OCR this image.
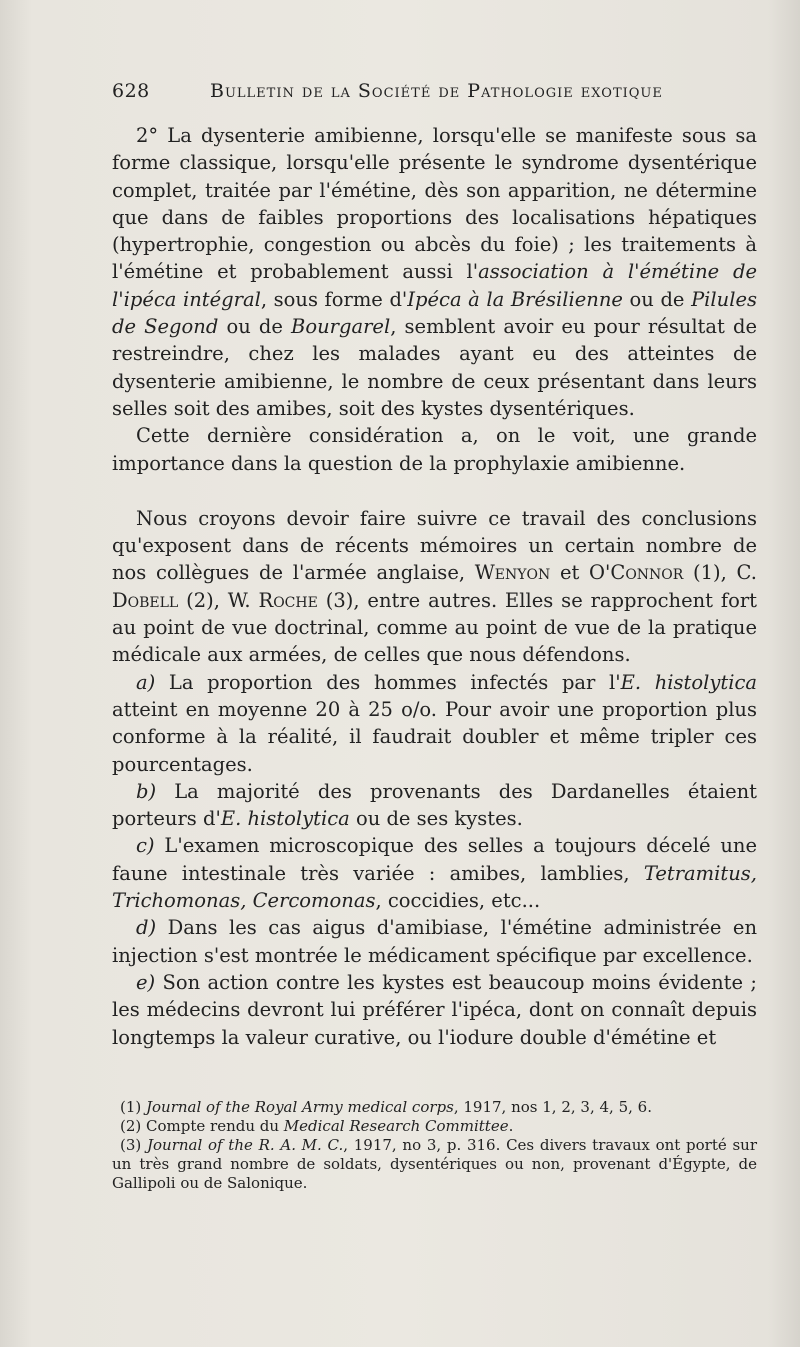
628	Bulletin de la Société de Pathologie exotique

2° La dysenterie amibienne, lorsqu'elle se manifeste sous sa forme classique, lorsqu'elle présente le syndrome dysentérique complet, traitée par l'émétine, dès son apparition, ne détermine que dans de faibles proportions des localisations hépatiques (hypertrophie, congestion ou abcès du foie) ; les traitements à l'émétine et probablement aussi l'association à l'émétine de l'ipéca intégral, sous forme d'Ipéca à la Brésilienne ou de Pilules de Segond ou de Bourgarel, semblent avoir eu pour résultat de restreindre, chez les malades ayant eu des atteintes de dysenterie amibienne, le nombre de ceux présentant dans leurs selles soit des amibes, soit des kystes dysentériques.

Cette dernière considération a, on le voit, une grande importance dans la question de la prophylaxie amibienne.

Nous croyons devoir faire suivre ce travail des conclusions qu'exposent dans de récents mémoires un certain nombre de nos collègues de l'armée anglaise, Wenyon et O'Connor (1), C. Dobell (2), W. Roche (3), entre autres. Elles se rapprochent fort au point de vue doctrinal, comme au point de vue de la pratique médicale aux armées, de celles que nous défendons.

a) La proportion des hommes infectés par l'E. histolytica atteint en moyenne 20 à 25 o/o. Pour avoir une proportion plus conforme à la réalité, il faudrait doubler et même tripler ces pourcentages.

b) La majorité des provenants des Dardanelles étaient porteurs d'E. histolytica ou de ses kystes.

c) L'examen microscopique des selles a toujours décelé une faune intestinale très variée : amibes, lamblies, Tetramitus, Trichomonas, Cercomonas, coccidies, etc...

d) Dans les cas aigus d'amibiase, l'émétine administrée en injection s'est montrée le médicament spécifique par excellence.

e) Son action contre les kystes est beaucoup moins évidente ; les médecins devront lui préférer l'ipéca, dont on connaît depuis longtemps la valeur curative, ou l'iodure double d'émétine et

(1) Journal of the Royal Army medical corps, 1917, nos 1, 2, 3, 4, 5, 6.

(2) Compte rendu du Medical Research Committee.

(3) Journal of the R. A. M. C., 1917, no 3, p. 316. Ces divers travaux ont porté sur un très grand nombre de soldats, dysentériques ou non, provenant d'Égypte, de Gallipoli ou de Salonique.
